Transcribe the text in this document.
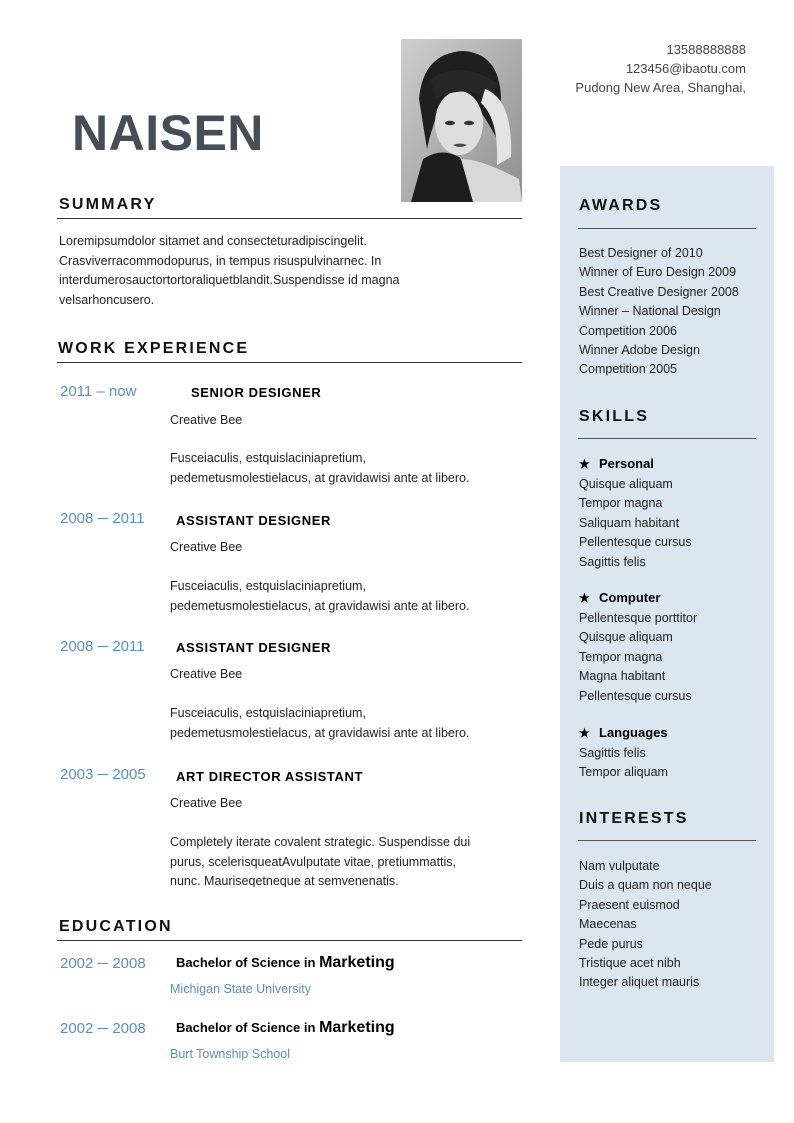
NAISEN
13588888888
123456@ibaotu.com
Pudong New Area, Shanghai,
SUMMARY
Loremipsumdolor sitamet and consecteturadipiscingelit.
Crasviverracommodopurus, in tempus risuspulvinarnec. In
interdumerosauctortortoraliquetblandit.Suspendisse id magna
velsarhoncusero.
WORK EXPERIENCE
2011 – now	SENIOR DESIGNER
Creative Bee
Fusceiaculis, estquislaciniapretium,
pedemetusmolestielacus, at gravidawisi ante at libero.
2008 ─ 2011 ASSISTANT DESIGNER
Creative Bee
Fusceiaculis, estquislaciniapretium,
pedemetusmolestielacus, at gravidawisi ante at libero.
2008 ─ 2011 ASSISTANT DESIGNER
Creative Bee
Fusceiaculis, estquislaciniapretium,
pedemetusmolestielacus, at gravidawisi ante at libero.
2003 ─ 2005 ART DIRECTOR ASSISTANT
Creative Bee
Completely iterate covalent strategic. Suspendisse dui
purus, scelerisqueatAvulputate vitae, pretiummattis,
nunc. Mauriseqetneque at semvenenatis.
EDUCATION
2002 ─ 2008 Bachelor of Science in Marketing
Michigan State University
2002 ─ 2008 Bachelor of Science in Marketing
Burt Township School
AWARDS
Best Designer of 2010
Winner of Euro Design 2009
Best Creative Designer 2008
Winner – National Design
Competition 2006
Winner Adobe Design
Competition 2005
SKILLS
★ Personal
Quisque aliquam
Tempor magna
Saliquam habitant
Pellentesque cursus
Sagittis felis
★ Computer
Pellentesque porttitor
Quisque aliquam
Tempor magna
Magna habitant
Pellentesque cursus
★ Languages
Sagittis felis
Tempor aliquam
INTERESTS
Nam vulputate
Duis a quam non neque
Praesent euismod
Maecenas
Pede purus
Tristique acet nibh
Integer aliquet mauris
